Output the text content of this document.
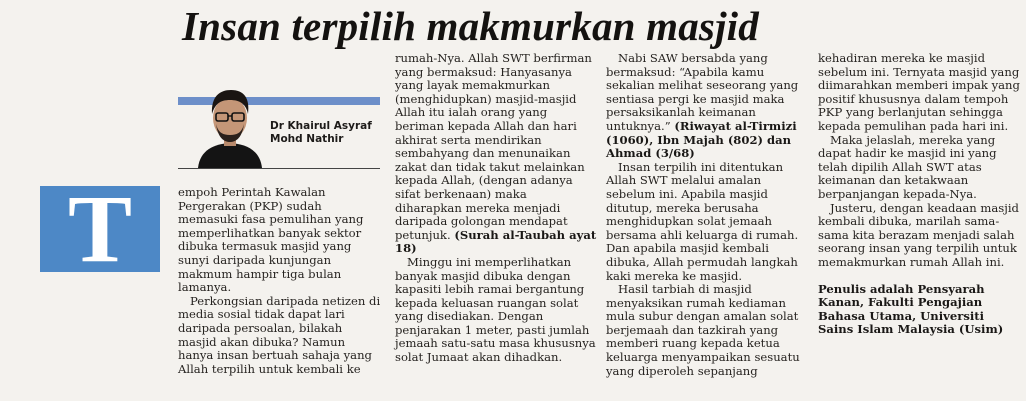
Insan terpilih makmurkan masjid
Dr Khairul Asyraf Mohd Nathir
T	empoh Perintah Kawalan Pergerakan (PKP) sudah memasuki fasa pemulihan yang memperlihatkan banyak sektor dibuka termasuk masjid yang sunyi daripada kunjungan makmum hampir tiga bulan lamanya.

Perkongsian daripada netizen di media sosial tidak dapat lari daripada persoalan, bilakah masjid akan dibuka? Namun hanya insan bertuah sahaja yang Allah terpilih untuk kembali ke

rumah-Nya. Allah SWT berfirman yang bermaksud: Hanyasanya yang layak memakmurkan (menghidupkan) masjid-masjid Allah itu ialah orang yang beriman kepada Allah dan hari akhirat serta mendirikan sembahyang dan menunaikan zakat dan tidak takut melainkan kepada Allah, (dengan adanya sifat berkenaan) maka diharapkan mereka menjadi daripada golongan mendapat petunjuk. (Surah al-Taubah ayat 18)

Minggu ini memperlihatkan banyak masjid dibuka dengan kapasiti lebih ramai bergantung kepada keluasan ruangan solat yang disediakan. Dengan penjarakan 1 meter, pasti jumlah jemaah satu-satu masa khususnya solat Jumaat akan dihadkan.

Nabi SAW bersabda yang bermaksud: “Apabila kamu sekalian melihat seseorang yang sentiasa pergi ke masjid maka persaksikanlah keimanan untuknya.” (Riwayat al-Tirmizi (1060), Ibn Majah (802) dan Ahmad (3/68)

Insan terpilih ini ditentukan Allah SWT melalui amalan sebelum ini. Apabila masjid ditutup, mereka berusaha menghidupkan solat jemaah bersama ahli keluarga di rumah. Dan apabila masjid kembali dibuka, Allah permudah langkah kaki mereka ke masjid.

Hasil tarbiah di masjid menyaksikan rumah kediaman mula subur dengan amalan solat berjemaah dan tazkirah yang memberi ruang kepada ketua keluarga menyampaikan sesuatu yang diperoleh sepanjang

kehadiran mereka ke masjid sebelum ini. Ternyata masjid yang diimarahkan memberi impak yang positif khususnya dalam tempoh PKP yang berlanjutan sehingga kepada pemulihan pada hari ini.

Maka jelaslah, mereka yang dapat hadir ke masjid ini yang telah dipilih Allah SWT atas keimanan dan ketakwaan berpanjangan kepada-Nya.

Justeru, dengan keadaan masjid kembali dibuka, marilah sama-sama kita berazam menjadi salah seorang insan yang terpilih untuk memakmurkan rumah Allah ini.

Penulis adalah Pensyarah Kanan, Fakulti Pengajian Bahasa Utama, Universiti Sains Islam Malaysia (Usim)
